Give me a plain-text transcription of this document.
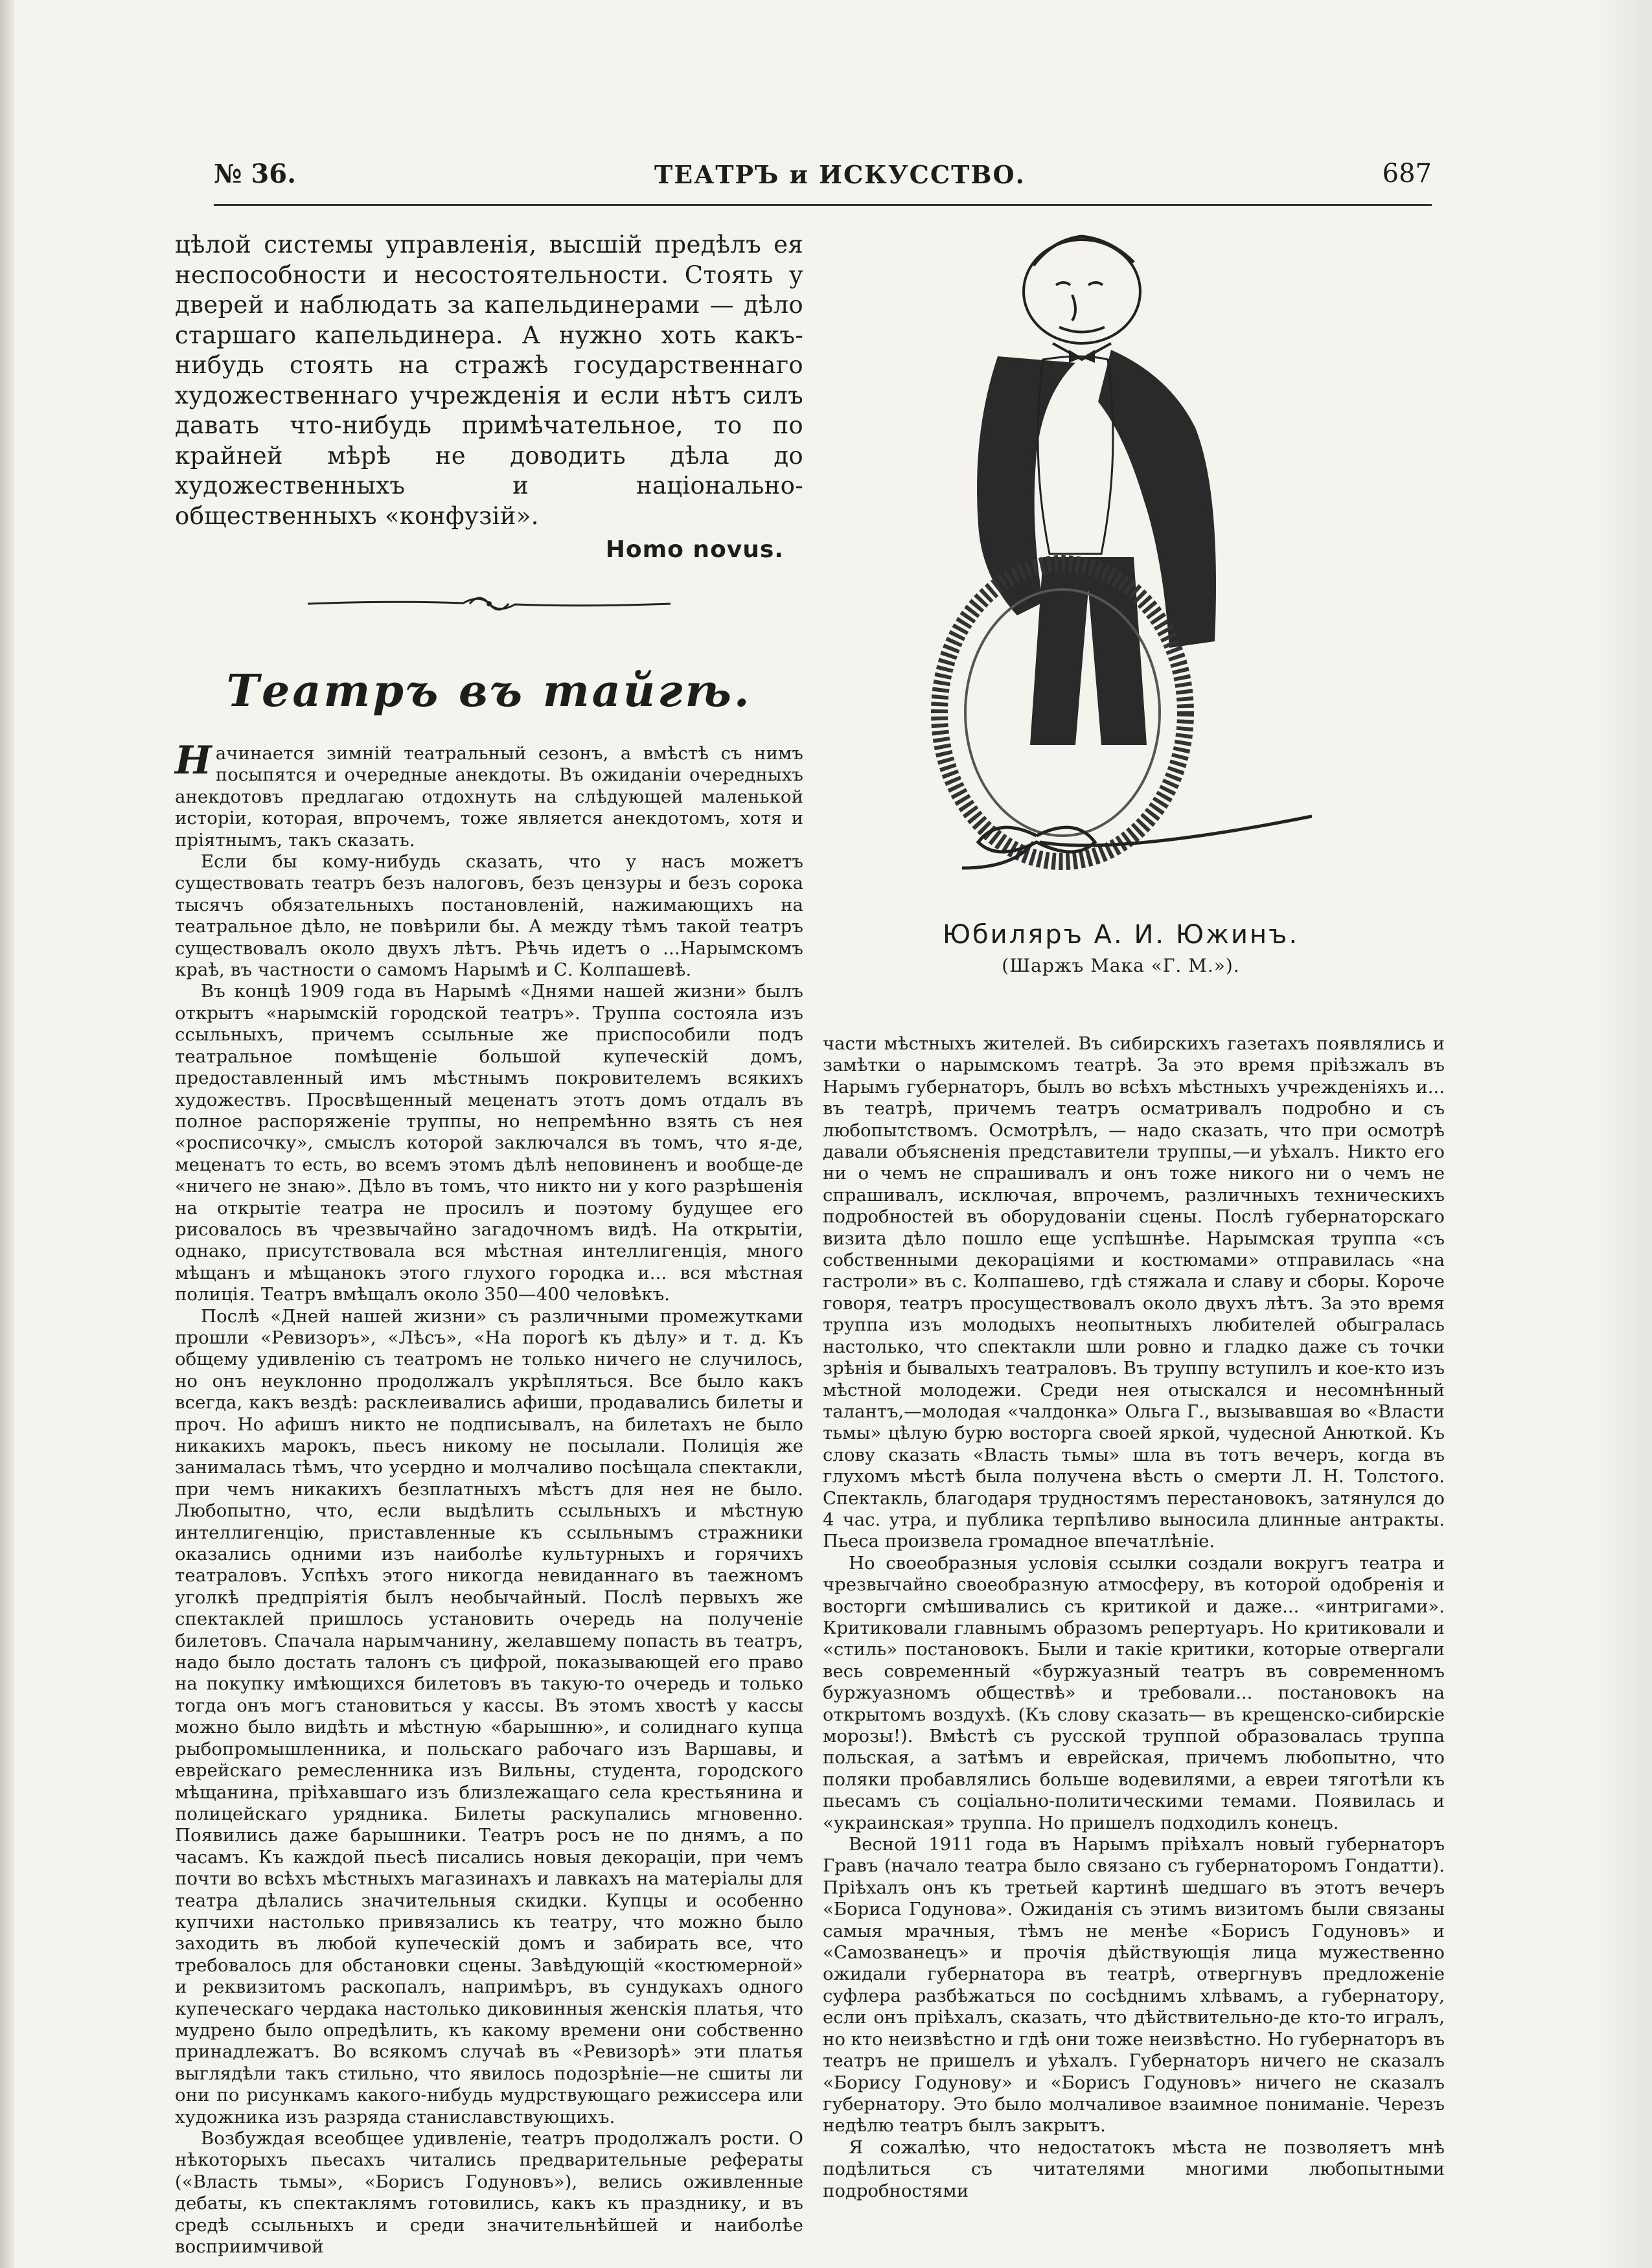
№ 36.	ТЕАТРЪ и ИСКУССТВО.	687

цѣлой системы управленія, высшій предѣлъ ея неспособности и несостоятельности. Стоять у дверей и наблюдать за капельдинерами — дѣло старшаго капельдинера. А нужно хоть какъ-нибудь стоять на стражѣ государственнаго художественнаго учрежденія и если нѣтъ силъ давать что-нибудь примѣчательное, то по крайней мѣрѣ не доводить дѣла до художественныхъ и національно-общественныхъ «конфузій».

Homo novus.
Театръ въ тайгѣ.

Начинается зимній театральный сезонъ, а вмѣстѣ съ нимъ посыпятся и очередные анекдоты. Въ ожиданіи очередныхъ анекдотовъ предлагаю отдохнуть на слѣдующей маленькой исторіи, которая, впрочемъ, тоже является анекдотомъ, хотя и пріятнымъ, такъ сказать.

Если бы кому-нибудь сказать, что у насъ можетъ существовать театръ безъ налоговъ, безъ цензуры и безъ сорока тысячъ обязательныхъ постановленій, нажимающихъ на театральное дѣло, не повѣрили бы. А между тѣмъ такой театръ существовалъ около двухъ лѣтъ. Рѣчь идетъ о ...Нарымскомъ краѣ, въ частности о самомъ Нарымѣ и С. Колпашевѣ.

Въ концѣ 1909 года въ Нарымѣ «Днями нашей жизни» былъ открытъ «нарымскій городской театръ». Труппа состояла изъ ссыльныхъ, причемъ ссыльные же приспособили подъ театральное помѣщеніе большой купеческій домъ, предоставленный имъ мѣстнымъ покровителемъ всякихъ художествъ. Просвѣщенный меценатъ этотъ домъ отдалъ въ полное распоряженіе труппы, но непремѣнно взять съ нея «росписочку», смыслъ которой заключался въ томъ, что я-де, меценатъ то есть, во всемъ этомъ дѣлѣ неповиненъ и вообще-де «ничего не знаю». Дѣло въ томъ, что никто ни у кого разрѣшенія на открытіе театра не просилъ и поэтому будущее его рисовалось въ чрезвычайно загадочномъ видѣ. На открытіи, однако, присутствовала вся мѣстная интеллигенція, много мѣщанъ и мѣщанокъ этого глухого городка и... вся мѣстная полиція. Театръ вмѣщалъ около 350—400 человѣкъ.

Послѣ «Дней нашей жизни» съ различными промежутками прошли «Ревизоръ», «Лѣсъ», «На порогѣ къ дѣлу» и т. д. Къ общему удивленію съ театромъ не только ничего не случилось, но онъ неуклонно продолжалъ укрѣпляться. Все было какъ всегда, какъ вездѣ: расклеивались афиши, продавались билеты и проч. Но афишъ никто не подписывалъ, на билетахъ не было никакихъ марокъ, пьесъ никому не посылали. Полиція же занималась тѣмъ, что усердно и молчаливо посѣщала спектакли, при чемъ никакихъ безплатныхъ мѣстъ для нея не было. Любопытно, что, если выдѣлить ссыльныхъ и мѣстную интеллигенцію, приставленные къ ссыльнымъ стражники оказались одними изъ наиболѣе культурныхъ и горячихъ театраловъ. Успѣхъ этого никогда невиданнаго въ таежномъ уголкѣ предпріятія былъ необычайный. Послѣ первыхъ же спектаклей пришлось установить очередь на полученіе билетовъ. Спачала нарымчанину, желавшему попасть въ театръ, надо было достать талонъ съ цифрой, показывающей его право на покупку имѣющихся билетовъ въ такую-то очередь и только тогда онъ могъ становиться у кассы. Въ этомъ хвостѣ у кассы можно было видѣть и мѣстную «барышню», и солиднаго купца рыбопромышленника, и польскаго рабочаго изъ Варшавы, и еврейскаго ремесленника изъ Вильны, студента, городского мѣщанина, пріѣхавшаго изъ близлежащаго села крестьянина и полицейскаго урядника. Билеты раскупались мгновенно. Появились даже барышники. Театръ росъ не по днямъ, а по часамъ. Къ каждой пьесѣ писались новыя декораціи, при чемъ почти во всѣхъ мѣстныхъ магазинахъ и лавкахъ на матеріалы для театра дѣлались значительныя скидки. Купцы и особенно купчихи настолько привязались къ театру, что можно было заходить въ любой купеческій домъ и забирать все, что требовалось для обстановки сцены. Завѣдующій «костюмерной» и реквизитомъ раскопалъ, напримѣръ, въ сундукахъ одного купеческаго чердака настолько диковинныя женскія платья, что мудрено было опредѣлить, къ какому времени они собственно принадлежатъ. Во всякомъ случаѣ въ «Ревизорѣ» эти платья выглядѣли такъ стильно, что явилось подозрѣніе—не сшиты ли они по рисункамъ какого-нибудь мудрствующаго режиссера или художника изъ разряда станиславствующихъ.

Возбуждая всеобщее удивленіе, театръ продолжалъ рости. О нѣкоторыхъ пьесахъ читались предварительные рефераты («Власть тьмы», «Борисъ Годуновъ»), велись оживленные дебаты, къ спектаклямъ готовились, какъ къ празднику, и въ средѣ ссыльныхъ и среди значительнѣйшей и наиболѣе восприимчивой

Юбиляръ А. И. Южинъ.
(Шаржъ Мака «Г. М.»).

части мѣстныхъ жителей. Въ сибирскихъ газетахъ появлялись и замѣтки о нарымскомъ театрѣ. За это время пріѣзжалъ въ Нарымъ губернаторъ, былъ во всѣхъ мѣстныхъ учрежденіяхъ и... въ театрѣ, причемъ театръ осматривалъ подробно и съ любопытствомъ. Осмотрѣлъ, — надо сказать, что при осмотрѣ давали объясненія представители труппы,—и уѣхалъ. Никто его ни о чемъ не спрашивалъ и онъ тоже никого ни о чемъ не спрашивалъ, исключая, впрочемъ, различныхъ техническихъ подробностей въ оборудованіи сцены. Послѣ губернаторскаго визита дѣло пошло еще успѣшнѣе. Нарымская труппа «съ собственными декораціями и костюмами» отправилась «на гастроли» въ с. Колпашево, гдѣ стяжала и славу и сборы. Короче говоря, театръ просуществовалъ около двухъ лѣтъ. За это время труппа изъ молодыхъ неопытныхъ любителей обыгралась настолько, что спектакли шли ровно и гладко даже съ точки зрѣнія и бывалыхъ театраловъ. Въ труппу вступилъ и кое-кто изъ мѣстной молодежи. Среди нея отыскался и несомнѣнный талантъ,—молодая «чалдонка» Ольга Г., вызывавшая во «Власти тьмы» цѣлую бурю восторга своей яркой, чудесной Анюткой. Къ слову сказать «Власть тьмы» шла въ тотъ вечеръ, когда въ глухомъ мѣстѣ была получена вѣсть о смерти Л. Н. Толстого. Спектакль, благодаря трудностямъ перестановокъ, затянулся до 4 час. утра, и публика терпѣливо выносила длинные антракты. Пьеса произвела громадное впечатлѣніе.

Но своеобразныя условія ссылки создали вокругъ театра и чрезвычайно своеобразную атмосферу, въ которой одобренія и восторги смѣшивались съ критикой и даже... «интригами». Критиковали главнымъ образомъ репертуаръ. Но критиковали и «стиль» постановокъ. Были и такіе критики, которые отвергали весь современный «буржуазный театръ въ современномъ буржуазномъ обществѣ» и требовали... постановокъ на открытомъ воздухѣ. (Къ слову сказать— въ крещенско-сибирскіе морозы!). Вмѣстѣ съ русской труппой образовалась труппа польская, а затѣмъ и еврейская, причемъ любопытно, что поляки пробавлялись больше водевилями, а евреи тяготѣли къ пьесамъ съ соціально-политическими темами. Появилась и «украинская» труппа. Но пришелъ подходилъ конецъ.

Весной 1911 года въ Нарымъ пріѣхалъ новый губернаторъ Гравъ (начало театра было связано съ губернаторомъ Гондатти). Пріѣхалъ онъ къ третьей картинѣ шедшаго въ этотъ вечеръ «Бориса Годунова». Ожиданія съ этимъ визитомъ были связаны самыя мрачныя, тѣмъ не менѣе «Борисъ Годуновъ» и «Самозванецъ» и прочія дѣйствующія лица мужественно ожидали губернатора въ театрѣ, отвергнувъ предложеніе суфлера разбѣжаться по сосѣднимъ хлѣвамъ, а губернатору, если онъ пріѣхалъ, сказать, что дѣйствительно-де кто-то игралъ, но кто неизвѣстно и гдѣ они тоже неизвѣстно. Но губернаторъ въ театръ не пришелъ и уѣхалъ. Губернаторъ ничего не сказалъ «Борису Годунову» и «Борисъ Годуновъ» ничего не сказалъ губернатору. Это было молчаливое взаимное пониманіе. Черезъ недѣлю театръ былъ закрытъ.

Я сожалѣю, что недостатокъ мѣста не позволяетъ мнѣ подѣлиться съ читателями многими любопытными подробностями
